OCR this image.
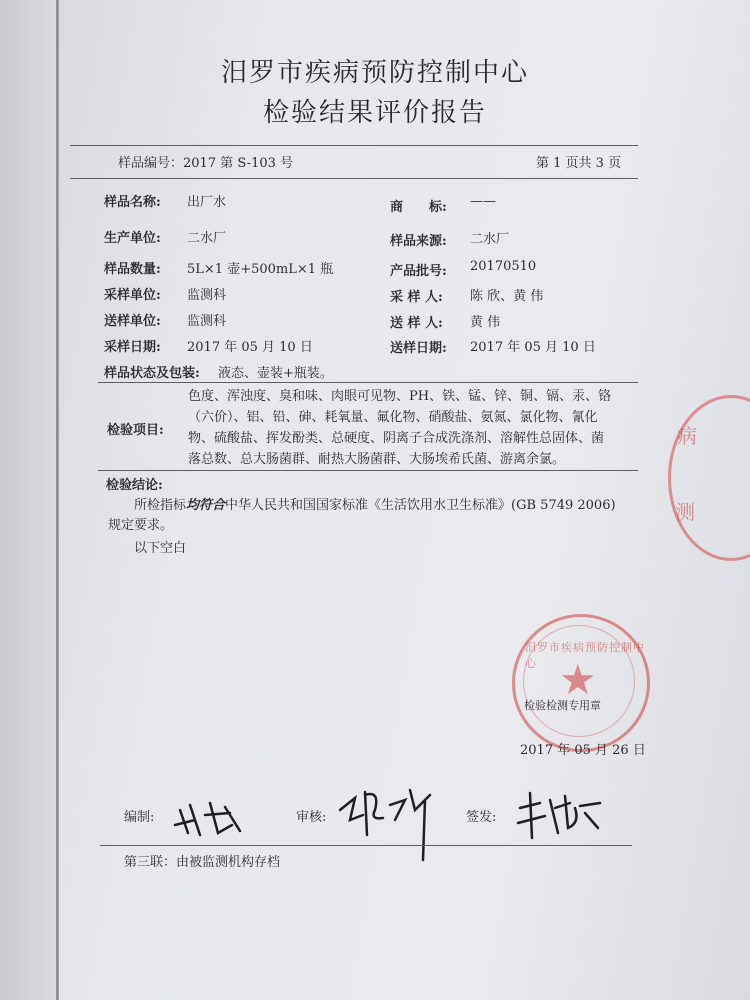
病
测
汨罗市疾病预防控制中心
检验结果评价报告
样品编号：2017 第 S-103 号	第 1 页共 3 页
样品名称: 出厂水	商　　标: ——
生产单位: 二水厂	样品来源: 二水厂
样品数量: 5L×1 壶+500mL×1 瓶	产品批号: 20170510
采样单位: 监测科	采 样 人: 陈 欣、黄 伟
送样单位: 监测科	送 样 人: 黄 伟
采样日期: 2017 年 05 月 10 日	送样日期: 2017 年 05 月 10 日
样品状态及包装: 液态、壶装+瓶装。
检验项目:
色度、浑浊度、臭和味、肉眼可见物、PH、铁、锰、锌、铜、镉、汞、铬
（六价）、铝、铅、砷、耗氧量、氟化物、硝酸盐、氨氮、氯化物、氰化
物、硫酸盐、挥发酚类、总硬度、阴离子合成洗涤剂、溶解性总固体、菌
落总数、总大肠菌群、耐热大肠菌群、大肠埃希氏菌、游离余氯。
检验结论:
所检指标均符合中华人民共和国国家标准《生活饮用水卫生标准》(GB 5749 2006)
规定要求。
以下空白
汨罗市疾病预防控制中心 ★
检验检测专用章
2017 年 05 月 26 日
编制:	审核:	签发:
第三联：由被监测机构存档
